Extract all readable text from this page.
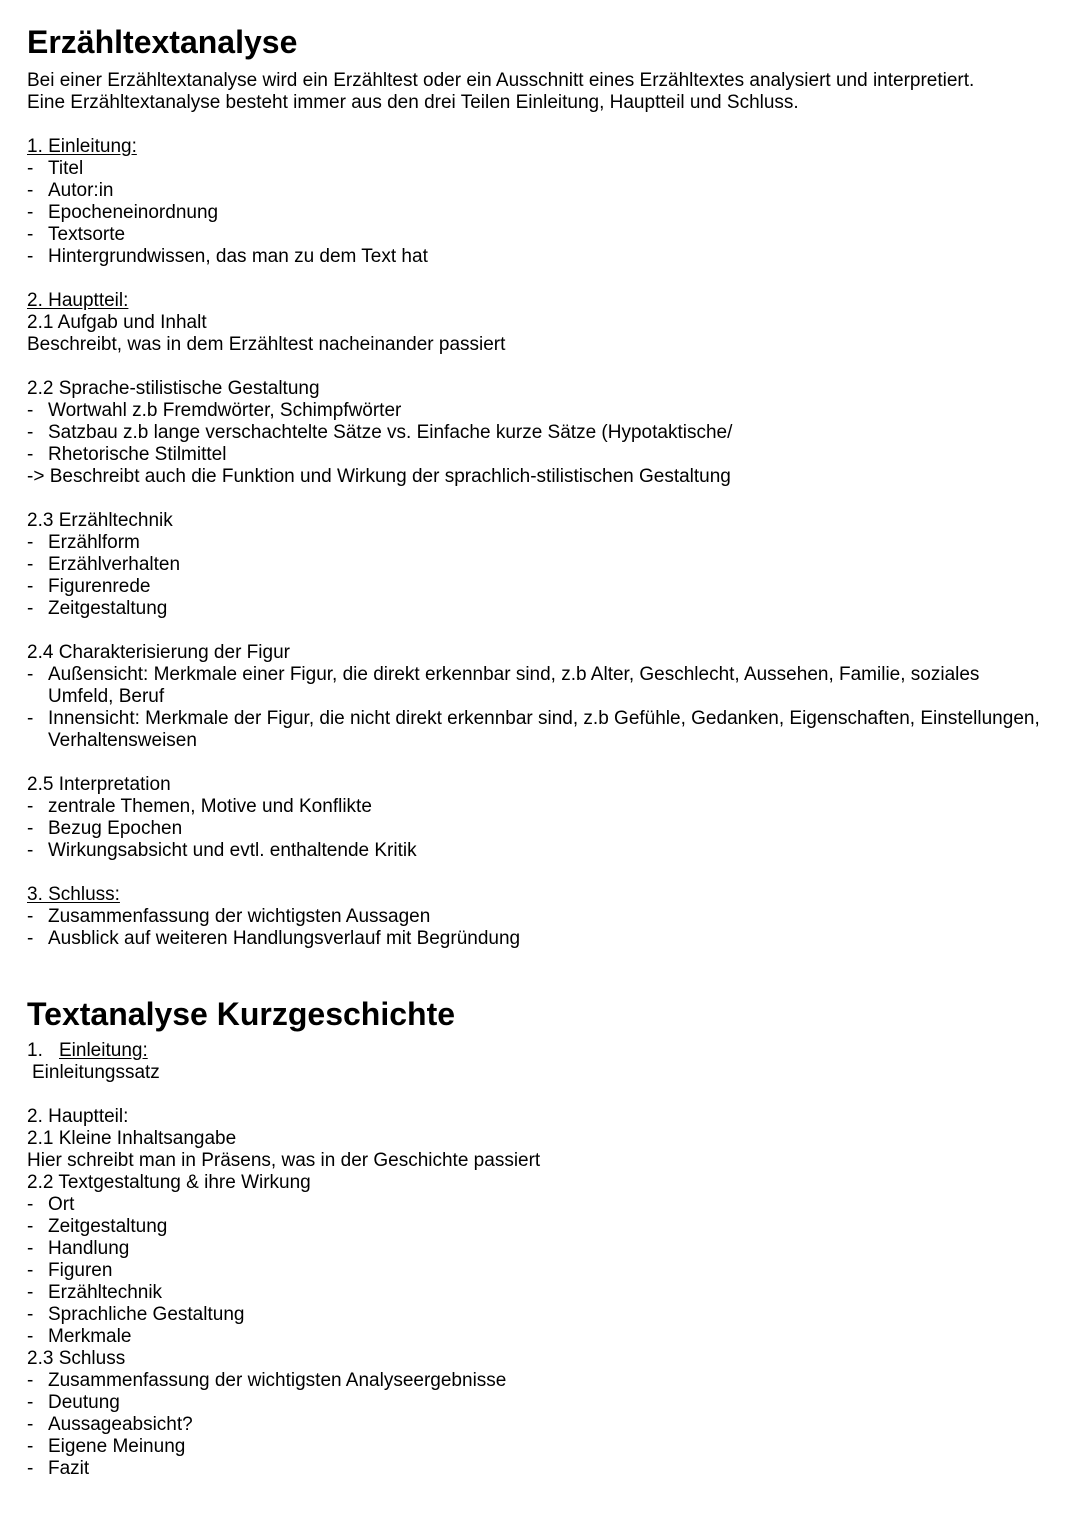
Erzähltextanalyse
Bei einer Erzähltextanalyse wird ein Erzähltest oder ein Ausschnitt eines Erzähltextes analysiert und interpretiert.
Eine Erzähltextanalyse besteht immer aus den drei Teilen Einleitung, Hauptteil und Schluss.
1. Einleitung:
- Titel
- Autor:in
- Epocheneinordnung
- Textsorte
- Hintergrundwissen, das man zu dem Text hat
2. Hauptteil:
2.1 Aufgab und Inhalt
Beschreibt, was in dem Erzähltest nacheinander passiert
2.2 Sprache-stilistische Gestaltung
- Wortwahl z.b Fremdwörter, Schimpfwörter
- Satzbau z.b lange verschachtelte Sätze vs. Einfache kurze Sätze (Hypotaktische/
- Rhetorische Stilmittel
-> Beschreibt auch die Funktion und Wirkung der sprachlich-stilistischen Gestaltung
2.3 Erzähltechnik
- Erzählform
- Erzählverhalten
- Figurenrede
- Zeitgestaltung
2.4 Charakterisierung der Figur
- Außensicht: Merkmale einer Figur, die direkt erkennbar sind, z.b Alter, Geschlecht, Aussehen, Familie, soziales Umfeld, Beruf
- Innensicht: Merkmale der Figur, die nicht direkt erkennbar sind, z.b Gefühle, Gedanken, Eigenschaften, Einstellungen, Verhaltensweisen
2.5 Interpretation
- zentrale Themen, Motive und Konflikte
- Bezug Epochen
- Wirkungsabsicht und evtl. enthaltende Kritik
3. Schluss:
- Zusammenfassung der wichtigsten Aussagen
- Ausblick auf weiteren Handlungsverlauf mit Begründung
Textanalyse Kurzgeschichte
1. Einleitung:
Einleitungssatz
2. Hauptteil:
2.1 Kleine Inhaltsangabe
Hier schreibt man in Präsens, was in der Geschichte passiert
2.2 Textgestaltung & ihre Wirkung
- Ort
- Zeitgestaltung
- Handlung
- Figuren
- Erzähltechnik
- Sprachliche Gestaltung
- Merkmale
2.3 Schluss
- Zusammenfassung der wichtigsten Analyseergebnisse
- Deutung
- Aussageabsicht?
- Eigene Meinung
- Fazit
